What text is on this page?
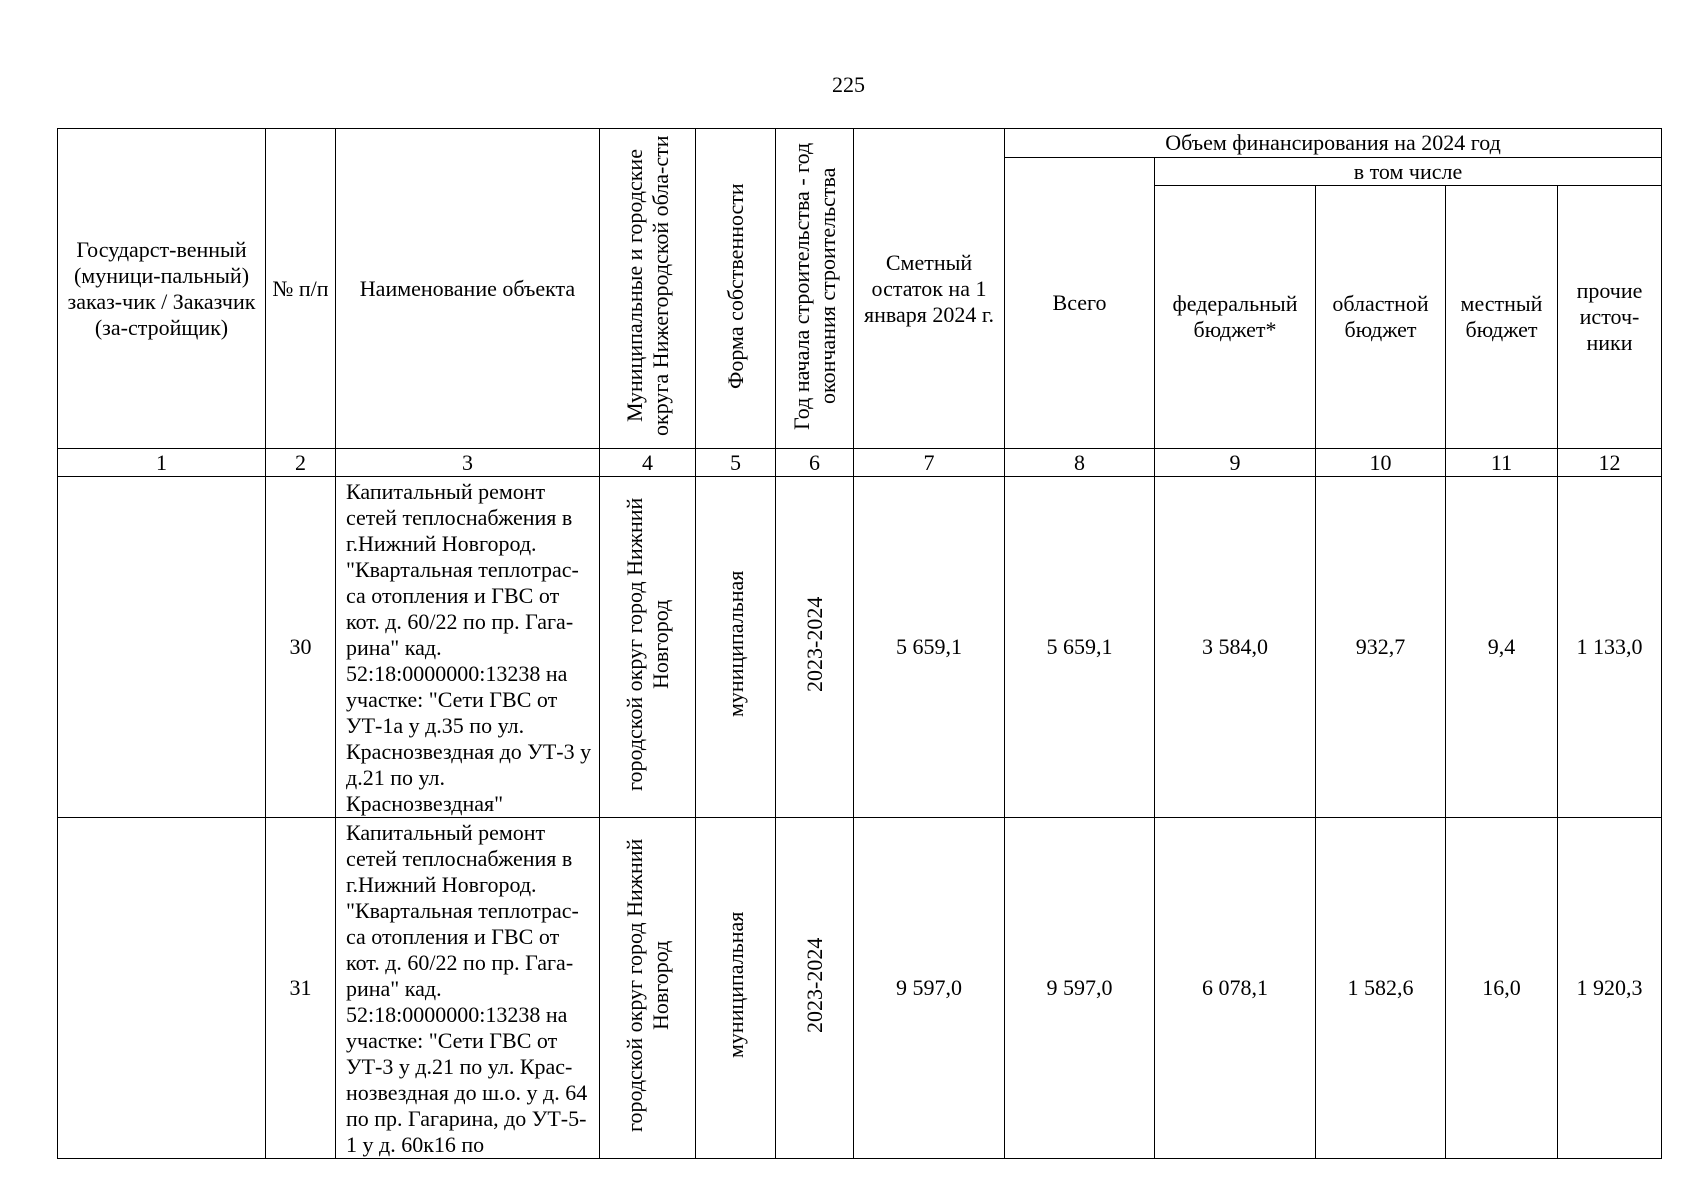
225
Государст-венный (муници-пальный) заказ-чик / Заказчик (за-стройщик)	№ п/п	Наименование объекта	Муниципальные и городские округа Нижегородской обла-сти	Форма собственности	Год начала строительства - год окончания строительства	Сметный остаток на 1 января 2024 г.	Объем финансирования на 2024 год				
							Всего	в том числе			

								федеральный бюджет*	областной бюджет	местный бюджет	прочие источ-ники

1	2	3	4	5	6	7	8	9	10	11	12
	30	Капитальный ремонт сетей теплоснабжения в г.Нижний Новгород. "Квартальная теплотрас-са отопления и ГВС от кот. д. 60/22 по пр. Гага-рина" кад. 52:18:0000000:13238 на участке: "Сети ГВС от УТ-1а у д.35 по ул. Краснозвездная до УТ-3 у д.21 по ул. Краснозвездная"	городской округ город Нижний Новгород	муниципальная	2023-2024	5 659,1	5 659,1	3 584,0	932,7	9,4	1 133,0
	31	Капитальный ремонт сетей теплоснабжения в г.Нижний Новгород. "Квартальная теплотрас-са отопления и ГВС от кот. д. 60/22 по пр. Гага-рина" кад. 52:18:0000000:13238 на участке: "Сети ГВС от УТ-3 у д.21 по ул. Крас-нозвездная до ш.о. у д. 64 по пр. Гагарина, до УТ-5-1 у д. 60к16 по	городской округ город Нижний Новгород	муниципальная	2023-2024	9 597,0	9 597,0	6 078,1	1 582,6	16,0	1 920,3
